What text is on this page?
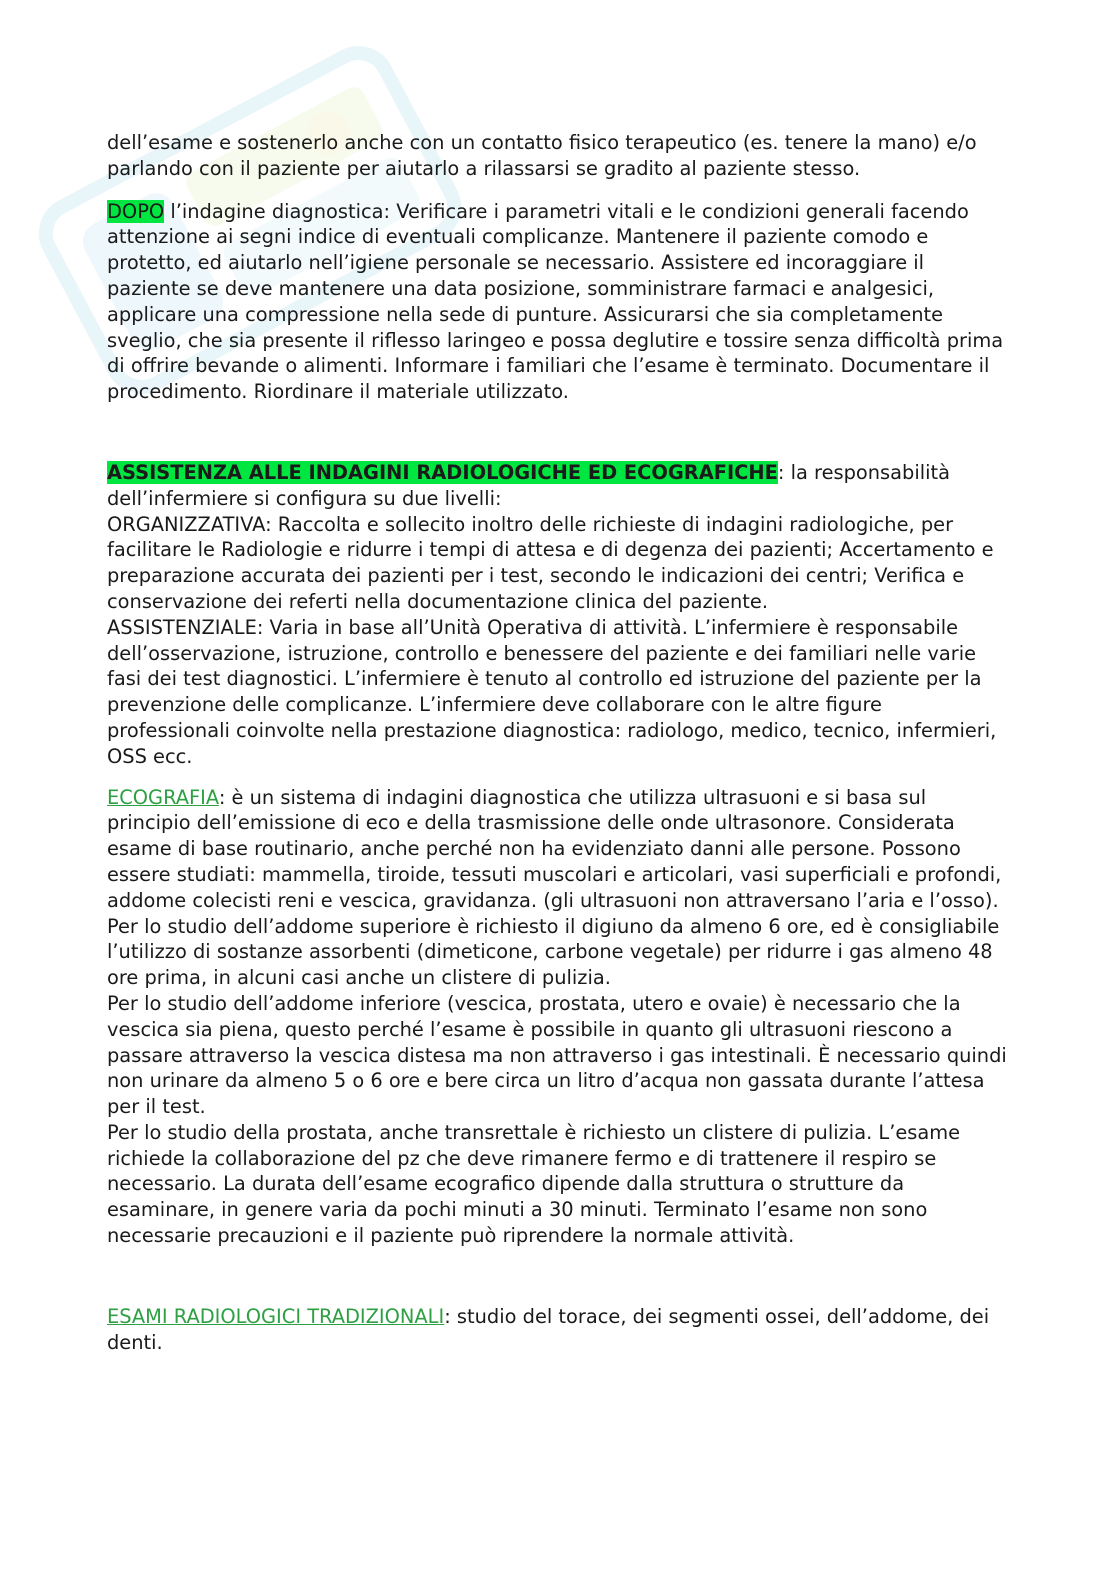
dell’esame e sostenerlo anche con un contatto fisico terapeutico (es. tenere la mano) e/o parlando con il paziente per aiutarlo a rilassarsi se gradito al paziente stesso.

DOPO l’indagine diagnostica: Verificare i parametri vitali e le condizioni generali facendo attenzione ai segni indice di eventuali complicanze. Mantenere il paziente comodo e protetto, ed aiutarlo nell’igiene personale se necessario. Assistere ed incoraggiare il paziente se deve mantenere una data posizione, somministrare farmaci e analgesici, applicare una compressione nella sede di punture. Assicurarsi che sia completamente sveglio, che sia presente il riflesso laringeo e possa deglutire e tossire senza difficoltà prima di offrire bevande o alimenti. Informare i familiari che l’esame è terminato. Documentare il procedimento. Riordinare il materiale utilizzato.

ASSISTENZA ALLE INDAGINI RADIOLOGICHE ED ECOGRAFICHE: la responsabilità dell’infermiere si configura su due livelli:

ORGANIZZATIVA: Raccolta e sollecito inoltro delle richieste di indagini radiologiche, per facilitare le Radiologie e ridurre i tempi di attesa e di degenza dei pazienti; Accertamento e preparazione accurata dei pazienti per i test, secondo le indicazioni dei centri; Verifica e conservazione dei referti nella documentazione clinica del paziente.

ASSISTENZIALE: Varia in base all’Unità Operativa di attività. L’infermiere è responsabile dell’osservazione, istruzione, controllo e benessere del paziente e dei familiari nelle varie fasi dei test diagnostici. L’infermiere è tenuto al controllo ed istruzione del paziente per la prevenzione delle complicanze. L’infermiere deve collaborare con le altre figure professionali coinvolte nella prestazione diagnostica: radiologo, medico, tecnico, infermieri, OSS ecc.

ECOGRAFIA: è un sistema di indagini diagnostica che utilizza ultrasuoni e si basa sul principio dell’emissione di eco e della trasmissione delle onde ultrasonore. Considerata esame di base routinario, anche perché non ha evidenziato danni alle persone. Possono essere studiati: mammella, tiroide, tessuti muscolari e articolari, vasi superficiali e profondi, addome colecisti reni e vescica, gravidanza. (gli ultrasuoni non attraversano l’aria e l’osso).

Per lo studio dell’addome superiore è richiesto il digiuno da almeno 6 ore, ed è consigliabile l’utilizzo di sostanze assorbenti (dimeticone, carbone vegetale) per ridurre i gas almeno 48 ore prima, in alcuni casi anche un clistere di pulizia.

Per lo studio dell’addome inferiore (vescica, prostata, utero e ovaie) è necessario che la vescica sia piena, questo perché l’esame è possibile in quanto gli ultrasuoni riescono a passare attraverso la vescica distesa ma non attraverso i gas intestinali. È necessario quindi non urinare da almeno 5 o 6 ore e bere circa un litro d’acqua non gassata durante l’attesa per il test.

Per lo studio della prostata, anche transrettale è richiesto un clistere di pulizia. L’esame richiede la collaborazione del pz che deve rimanere fermo e di trattenere il respiro se necessario. La durata dell’esame ecografico dipende dalla struttura o strutture da esaminare, in genere varia da pochi minuti a 30 minuti. Terminato l’esame non sono necessarie precauzioni e il paziente può riprendere la normale attività.

ESAMI RADIOLOGICI TRADIZIONALI: studio del torace, dei segmenti ossei, dell’addome, dei denti.
